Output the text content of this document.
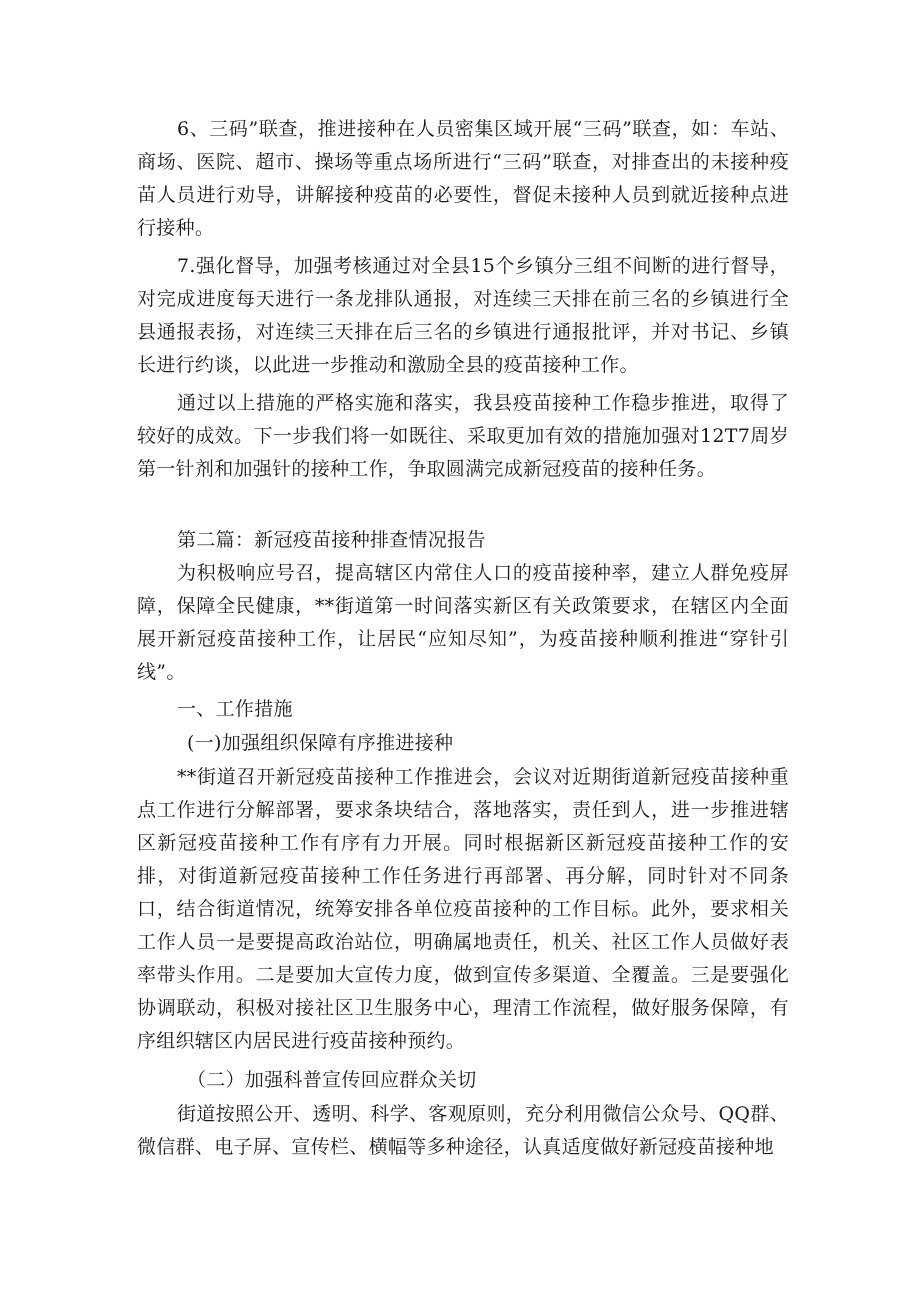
6、三码”联查，推进接种在人员密集区域开展“三码”联查，如：车站、商场、医院、超市、操场等重点场所进行“三码”联查，对排查出的未接种疫苗人员进行劝导，讲解接种疫苗的必要性，督促未接种人员到就近接种点进行接种。

7.强化督导，加强考核通过对全县15个乡镇分三组不间断的进行督导，对完成进度每天进行一条龙排队通报，对连续三天排在前三名的乡镇进行全县通报表扬，对连续三天排在后三名的乡镇进行通报批评，并对书记、乡镇长进行约谈，以此进一步推动和激励全县的疫苗接种工作。

通过以上措施的严格实施和落实，我县疫苗接种工作稳步推进，取得了较好的成效。下一步我们将一如既往、采取更加有效的措施加强对12T7周岁第一针剂和加强针的接种工作，争取圆满完成新冠疫苗的接种任务。

第二篇：新冠疫苗接种排查情况报告

为积极响应号召，提高辖区内常住人口的疫苗接种率，建立人群免疫屏障，保障全民健康，**街道第一时间落实新区有关政策要求，在辖区内全面展开新冠疫苗接种工作，让居民“应知尽知”，为疫苗接种顺利推进“穿针引线”。

一、工作措施

(一)加强组织保障有序推进接种

**街道召开新冠疫苗接种工作推进会，会议对近期街道新冠疫苗接种重点工作进行分解部署，要求条块结合，落地落实，责任到人，进一步推进辖区新冠疫苗接种工作有序有力开展。同时根据新区新冠疫苗接种工作的安排，对街道新冠疫苗接种工作任务进行再部署、再分解，同时针对不同条口，结合街道情况，统筹安排各单位疫苗接种的工作目标。此外，要求相关工作人员一是要提高政治站位，明确属地责任，机关、社区工作人员做好表率带头作用。二是要加大宣传力度，做到宣传多渠道、全覆盖。三是要强化协调联动，积极对接社区卫生服务中心，理清工作流程，做好服务保障，有序组织辖区内居民进行疫苗接种预约。

（二）加强科普宣传回应群众关切

街道按照公开、透明、科学、客观原则，充分利用微信公众号、QQ群、微信群、电子屏、宣传栏、横幅等多种途径，认真适度做好新冠疫苗接种地
